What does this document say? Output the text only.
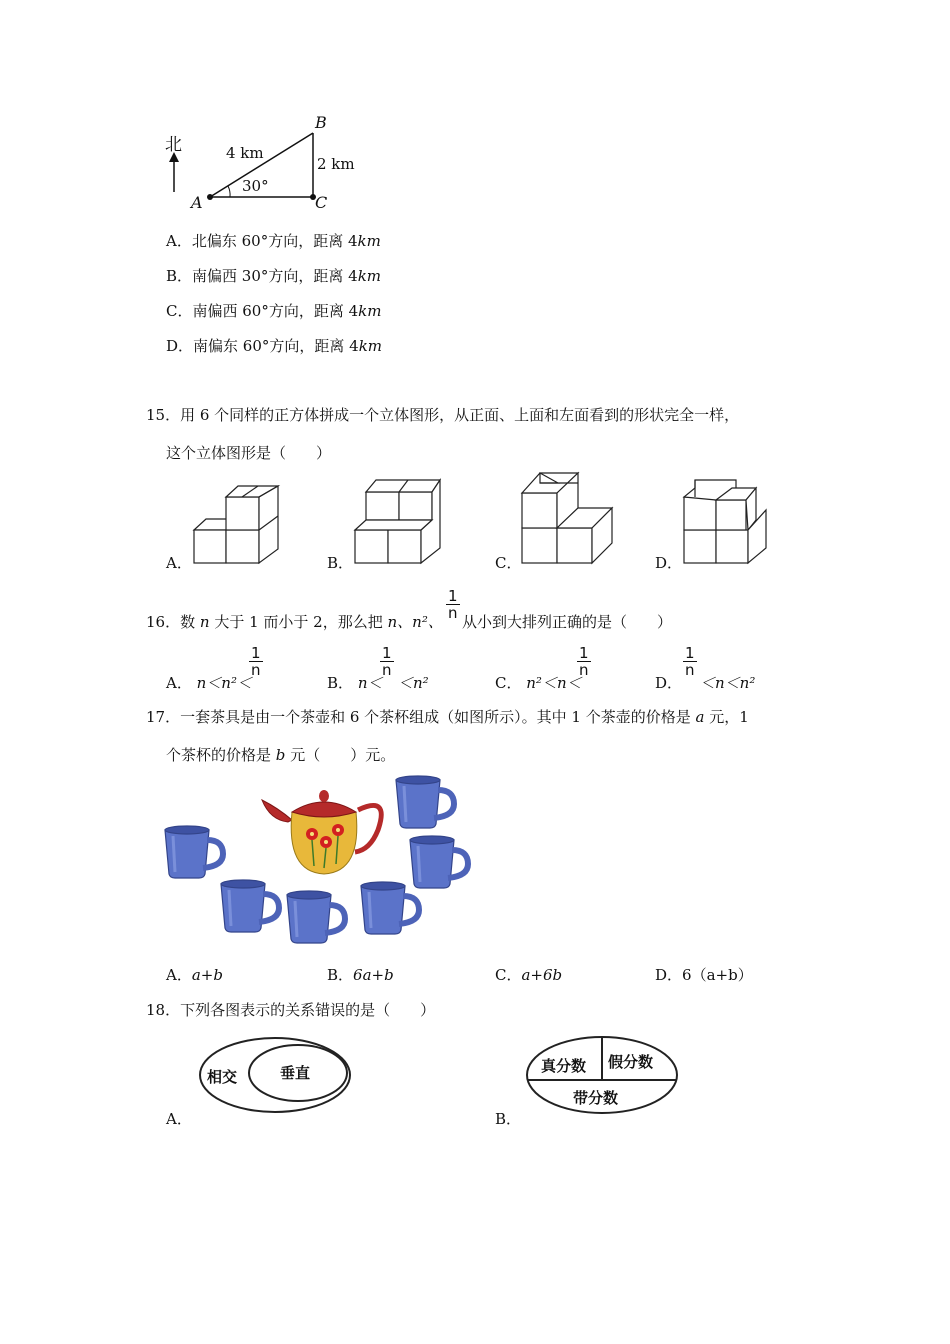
北
A
B
C
4 km
2 km
30°
A．北偏东 60°方向，距离 4km
B．南偏西 30°方向，距离 4km
C．南偏西 60°方向，距离 4km
D．南偏东 60°方向，距离 4km
15．用 6 个同样的正方体拼成一个立体图形，从正面、上面和左面看到的形状完全一样，
这个立体图形是（　　）
A．	B．	C．	D．
16．数 n 大于 1 而小于 2，那么把 n、n²、
$\frac{1}{n}$
从小到大排列正确的是（　　）
A． n＜n²＜
$\frac{1}{n}$
B． n＜
$\frac{1}{n}$
＜n²	C． n²＜n＜
$\frac{1}{n}$
D．
$\frac{1}{n}$
＜n＜n²
17．一套茶具是由一个茶壶和 6 个茶杯组成（如图所示）。其中 1 个茶壶的价格是 a 元，1
个茶杯的价格是 b 元（　　）元。
A．a+b	B．6a+b	C．a+6b	D．6（a+b）
18．下列各图表示的关系错误的是（　　）
相交	垂直	真分数 假分数
带分数
A．	B．
